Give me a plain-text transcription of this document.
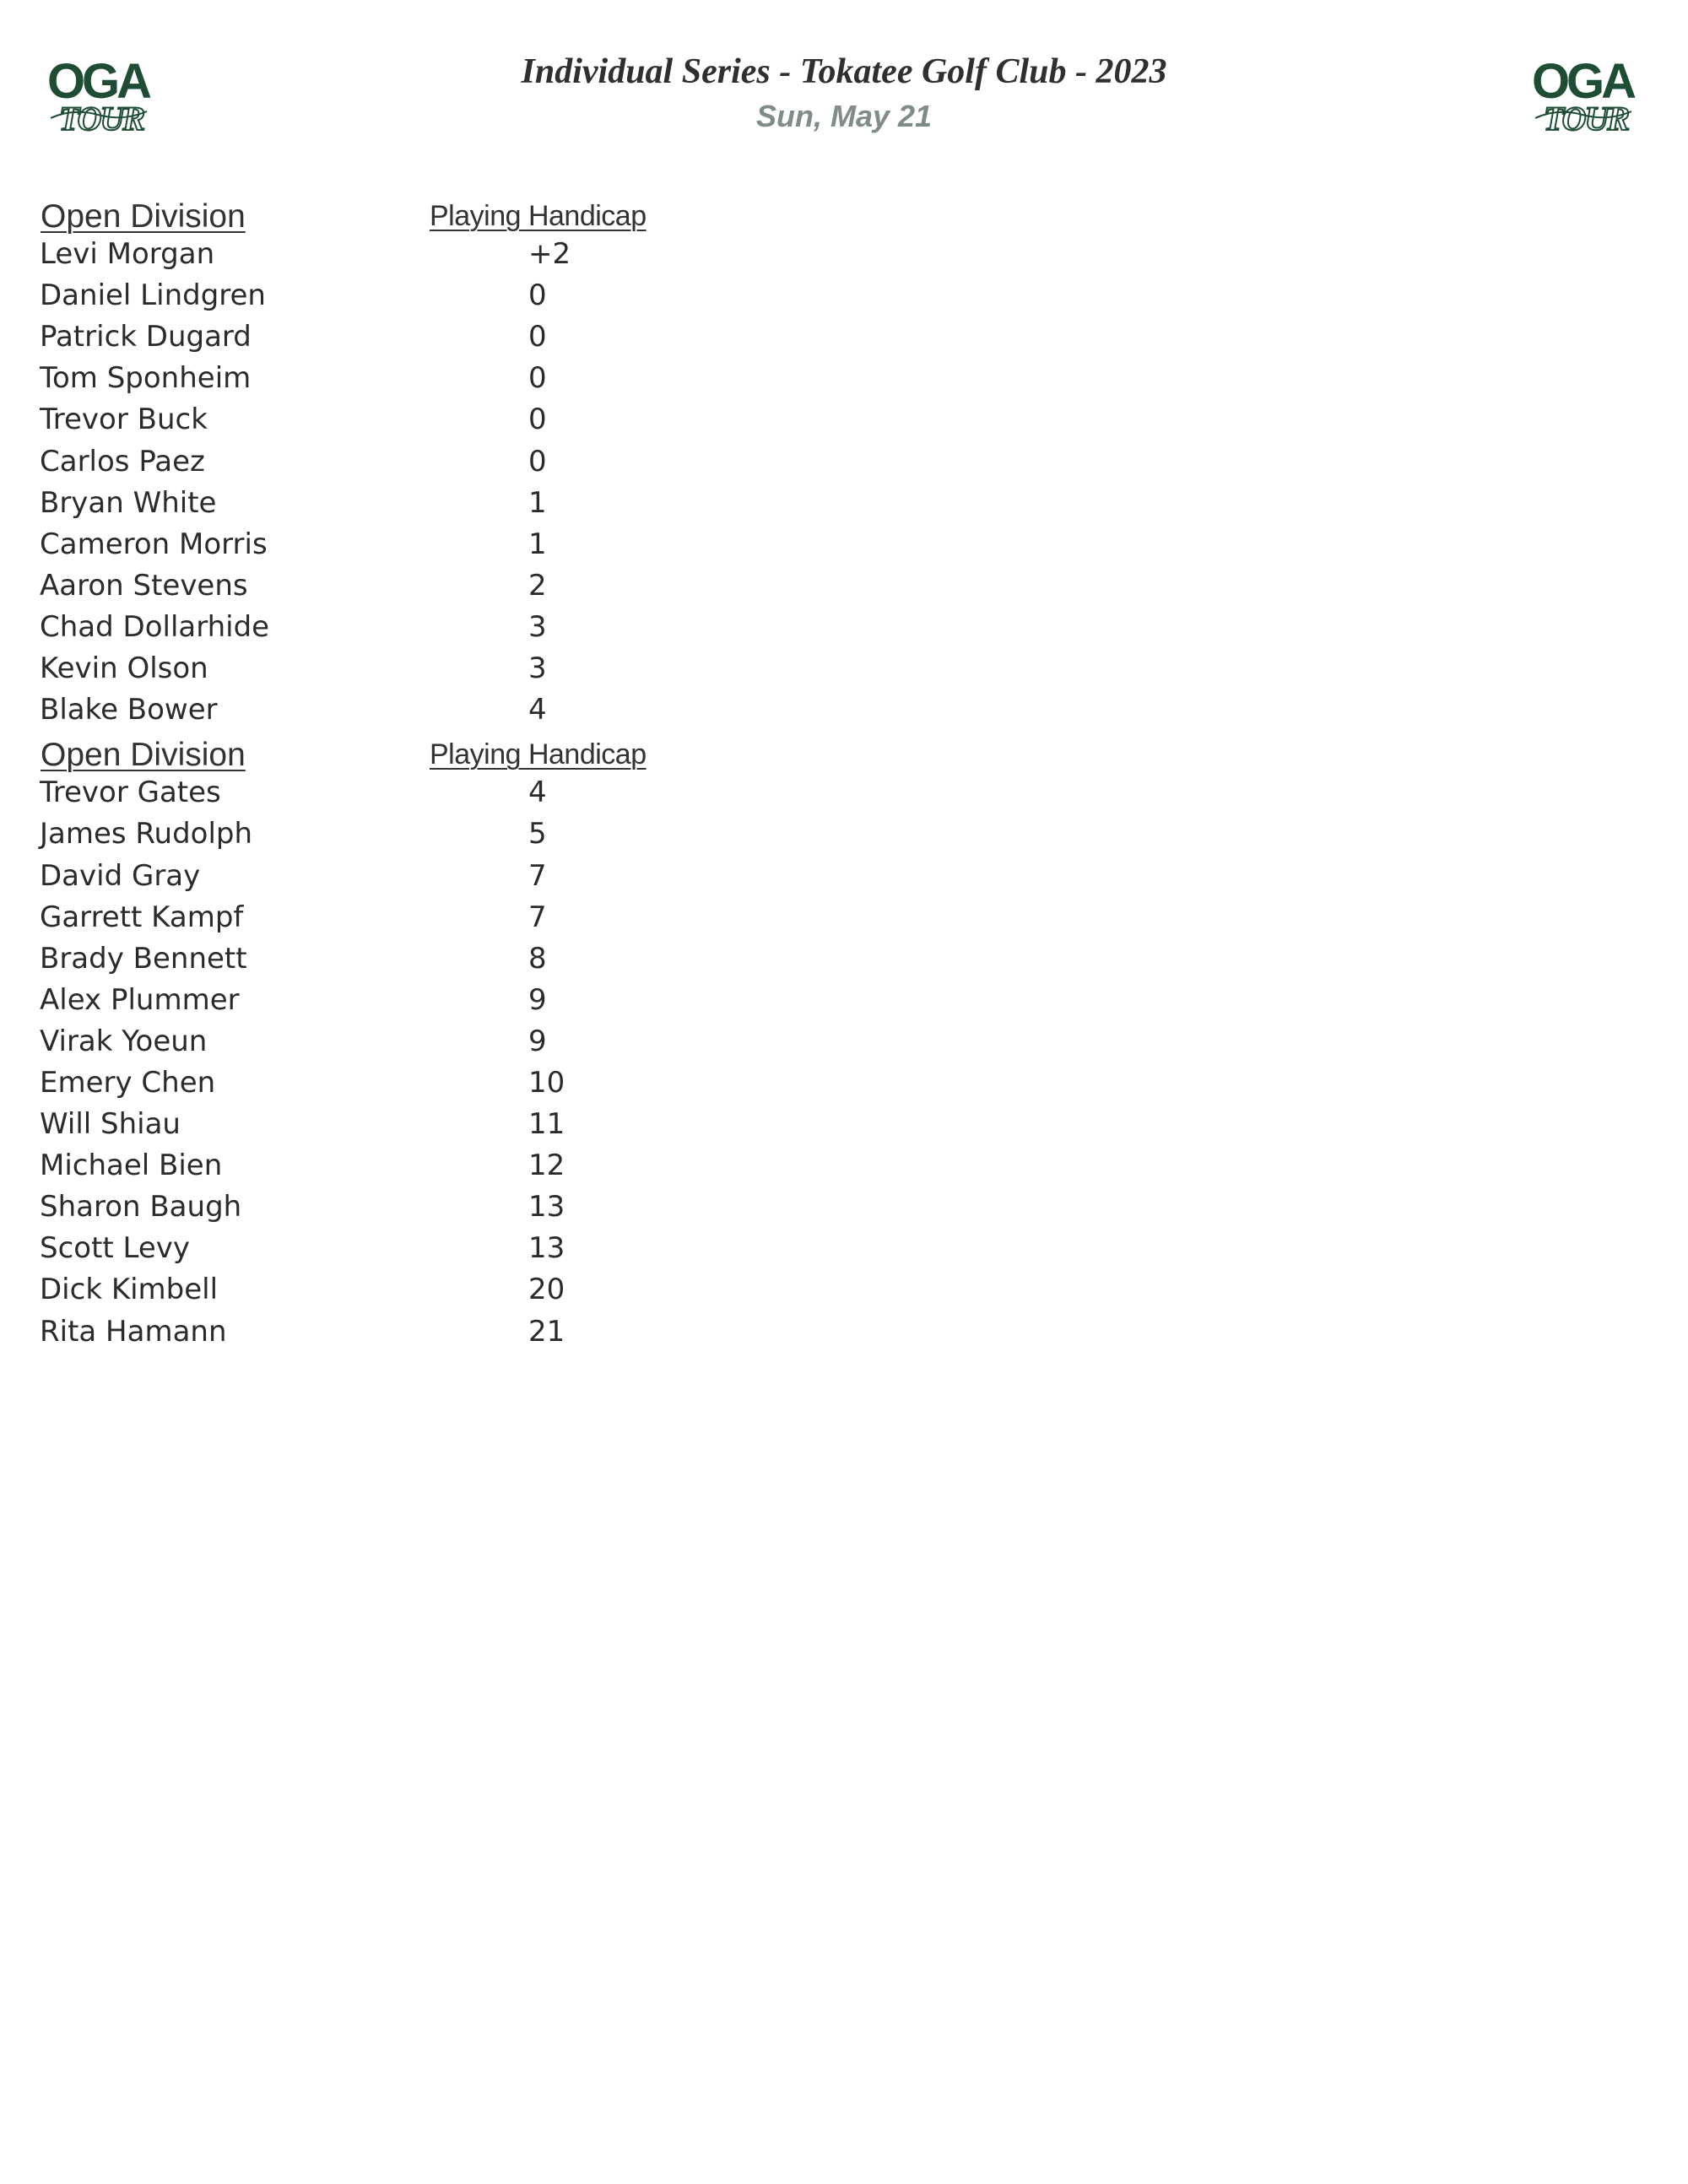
OGA
TOUR
Individual Series - Tokatee Golf Club - 2023
Sun, May 21
OGA
TOUR
Open Division	Playing Handicap
Levi Morgan	+2
Daniel Lindgren	0
Patrick Dugard	0
Tom Sponheim	0
Trevor Buck	0
Carlos Paez	0
Bryan White	1
Cameron Morris	1
Aaron Stevens	2
Chad Dollarhide	3
Kevin Olson	3
Blake Bower	4
Open Division	Playing Handicap
Trevor Gates	4
James Rudolph	5
David Gray	7
Garrett Kampf	7
Brady Bennett	8
Alex Plummer	9
Virak Yoeun	9
Emery Chen	10
Will Shiau	11
Michael Bien	12
Sharon Baugh	13
Scott Levy	13
Dick Kimbell	20
Rita Hamann	21
